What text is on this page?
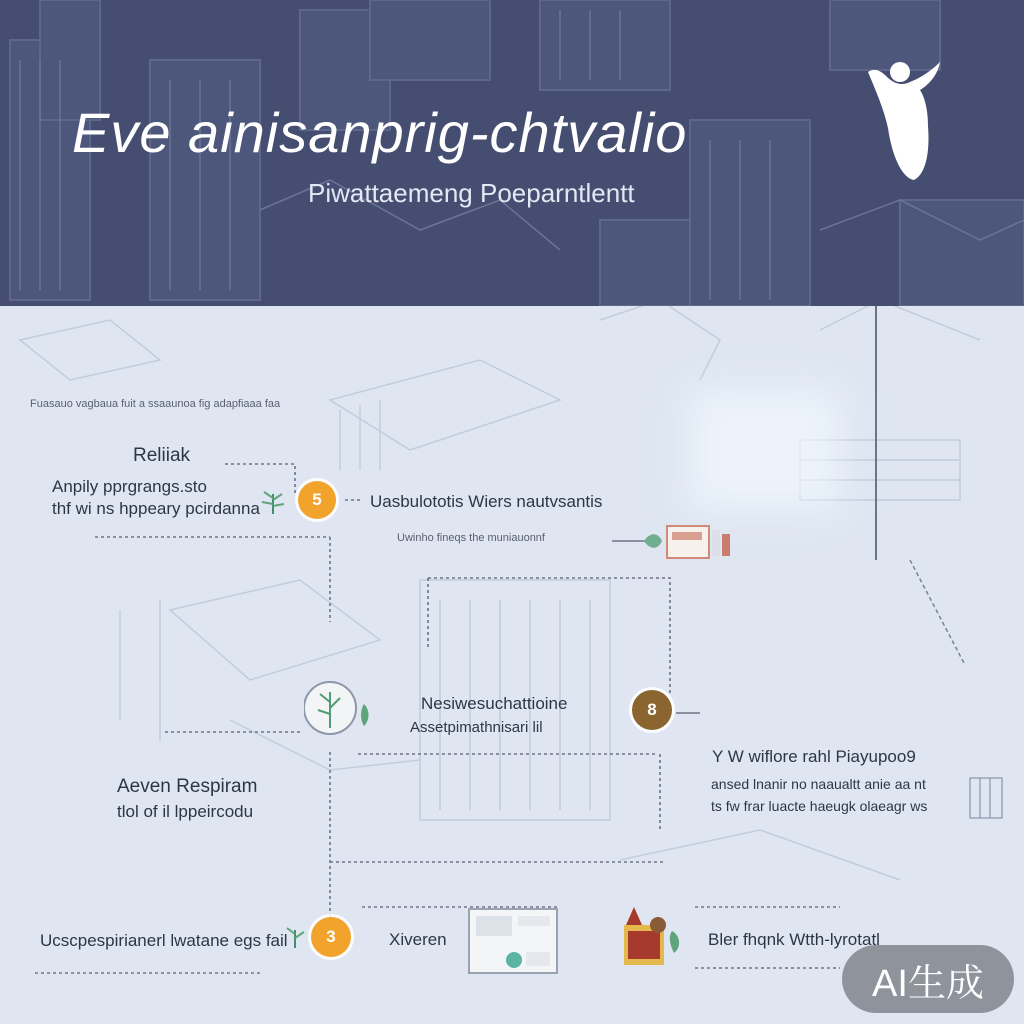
Eve ainisanprig-chtvalio
Piwattaemeng Poeparntlentt
Fuasauo vagbaua fuit a ssaaunoa fig adapfiaaa faa
Reliiak
Anpily pprgrangs.sto
thf wi ns hppeary pcirdanna	5	Uasbulototis Wiers nautvsantis
Uwinho fineqs the muniauonnf
Nesiwesuchattioine
Assetpimathnisari lil
8
Aeven Respiram
tlol of il lppeircodu
Y W wiflore rahl Piayupoo9
ansed lnanir no naaualtt anie aa nt
ts fw frar luacte haeugk olaeagr ws
Ucscpespirianerl lwatane egs fail	3	Xiveren	Bler fhqnk Wtth-lyrotatl
AI生成
